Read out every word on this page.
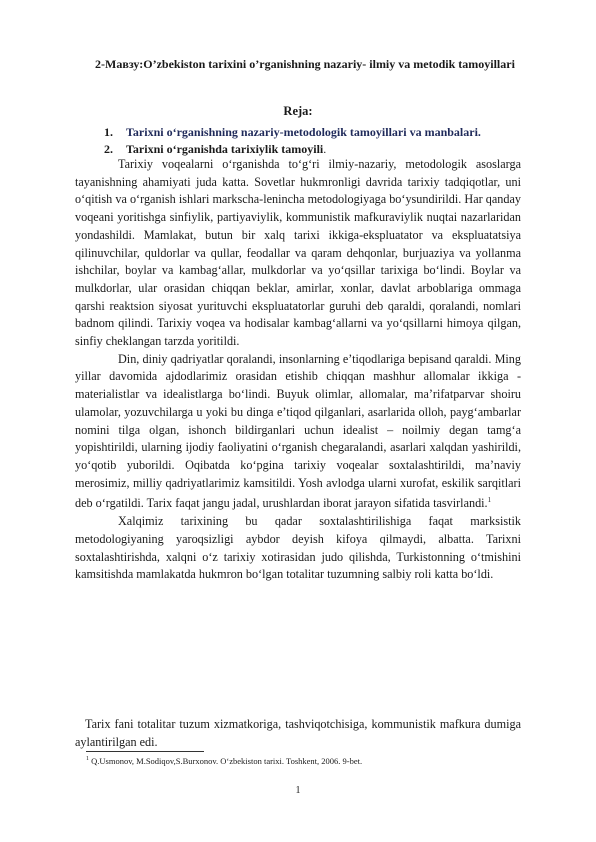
2-Мавзу:O’zbekiston tarixini o’rganishning nazariy- ilmiy va metodik tamoyillari
Reja:
1.	Tarixni o‘rganishning nazariy-metodologik tamoyillari va manbalari.
2.	Tarixni o‘rganishda tarixiylik tamoyili.

Tarixiy voqealarni o‘rganishda to‘g‘ri ilmiy-nazariy, metodologik asoslarga tayanishning ahamiyati juda katta. Sovetlar hukmronligi davrida tarixiy tadqiqotlar, uni o‘qitish va o‘rganish ishlari markscha-lenincha metodologiyaga bo‘ysundirildi. Har qanday voqeani yoritishga sinfiylik, partiyaviylik, kommunistik mafkuraviylik nuqtai nazarlaridan yondashildi. Mamlakat, butun bir xalq tarixi ikkiga-ekspluatator va ekspluatatsiya qilinuvchilar, quldorlar va qullar, feodallar va qaram dehqonlar, burjuaziya va yollanma ishchilar, boylar va kambag‘allar, mulkdorlar va yo‘qsillar tarixiga bo‘lindi. Boylar va mulkdorlar, ular orasidan chiqqan beklar, amirlar, xonlar, davlat arboblariga ommaga qarshi reaktsion siyosat yurituvchi ekspluatatorlar guruhi deb qaraldi, qoralandi, nomlari badnom qilindi. Tarixiy voqea va hodisalar kambag‘allarni va yo‘qsillarni himoya qilgan, sinfiy cheklangan tarzda yoritildi.

Din, diniy qadriyatlar qoralandi, insonlarning e’tiqodlariga bepisand qaraldi. Ming yillar davomida ajdodlarimiz orasidan etishib chiqqan mashhur allomalar ikkiga - materialistlar va idealistlarga bo‘lindi. Buyuk olimlar, allomalar, ma’rifatparvar shoiru ulamolar, yozuvchilarga u yoki bu dinga e’tiqod qilganlari, asarlarida olloh, payg‘ambarlar nomini tilga olgan, ishonch bildirganlari uchun idealist – noilmiy degan tamg‘a yopishtirildi, ularning ijodiy faoliyatini o‘rganish chegaralandi, asarlari xalqdan yashirildi, yo‘qotib yuborildi. Oqibatda ko‘pgina tarixiy voqealar soxtalashtirildi, ma’naviy merosimiz, milliy qadriyatlarimiz kamsitildi. Yosh avlodga ularni xurofat, eskilik sarqitlari deb o‘rgatildi. Tarix faqat jangu jadal, urushlardan iborat jarayon sifatida tasvirlandi.$^1$

Xalqimiz tarixining bu qadar soxtalashtirilishiga faqat marksistik metodologiyaning yaroqsizligi aybdor deyish kifoya qilmaydi, albatta. Tarixni soxtalashtirishda, xalqni o‘z tarixiy xotirasidan judo qilishda, Turkistonning o‘tmishini kamsitishda mamlakatda hukmron bo‘lgan totalitar tuzumning salbiy roli katta bo‘ldi.

Tarix fani totalitar tuzum xizmatkoriga, tashviqotchisiga, kommunistik mafkura dumiga aylantirilgan edi.

$^1$ Q.Usmonov, M.Sodiqov,S.Burxonov. O‘zbekiston tarixi. Toshkent, 2006. 9-bet.
1
